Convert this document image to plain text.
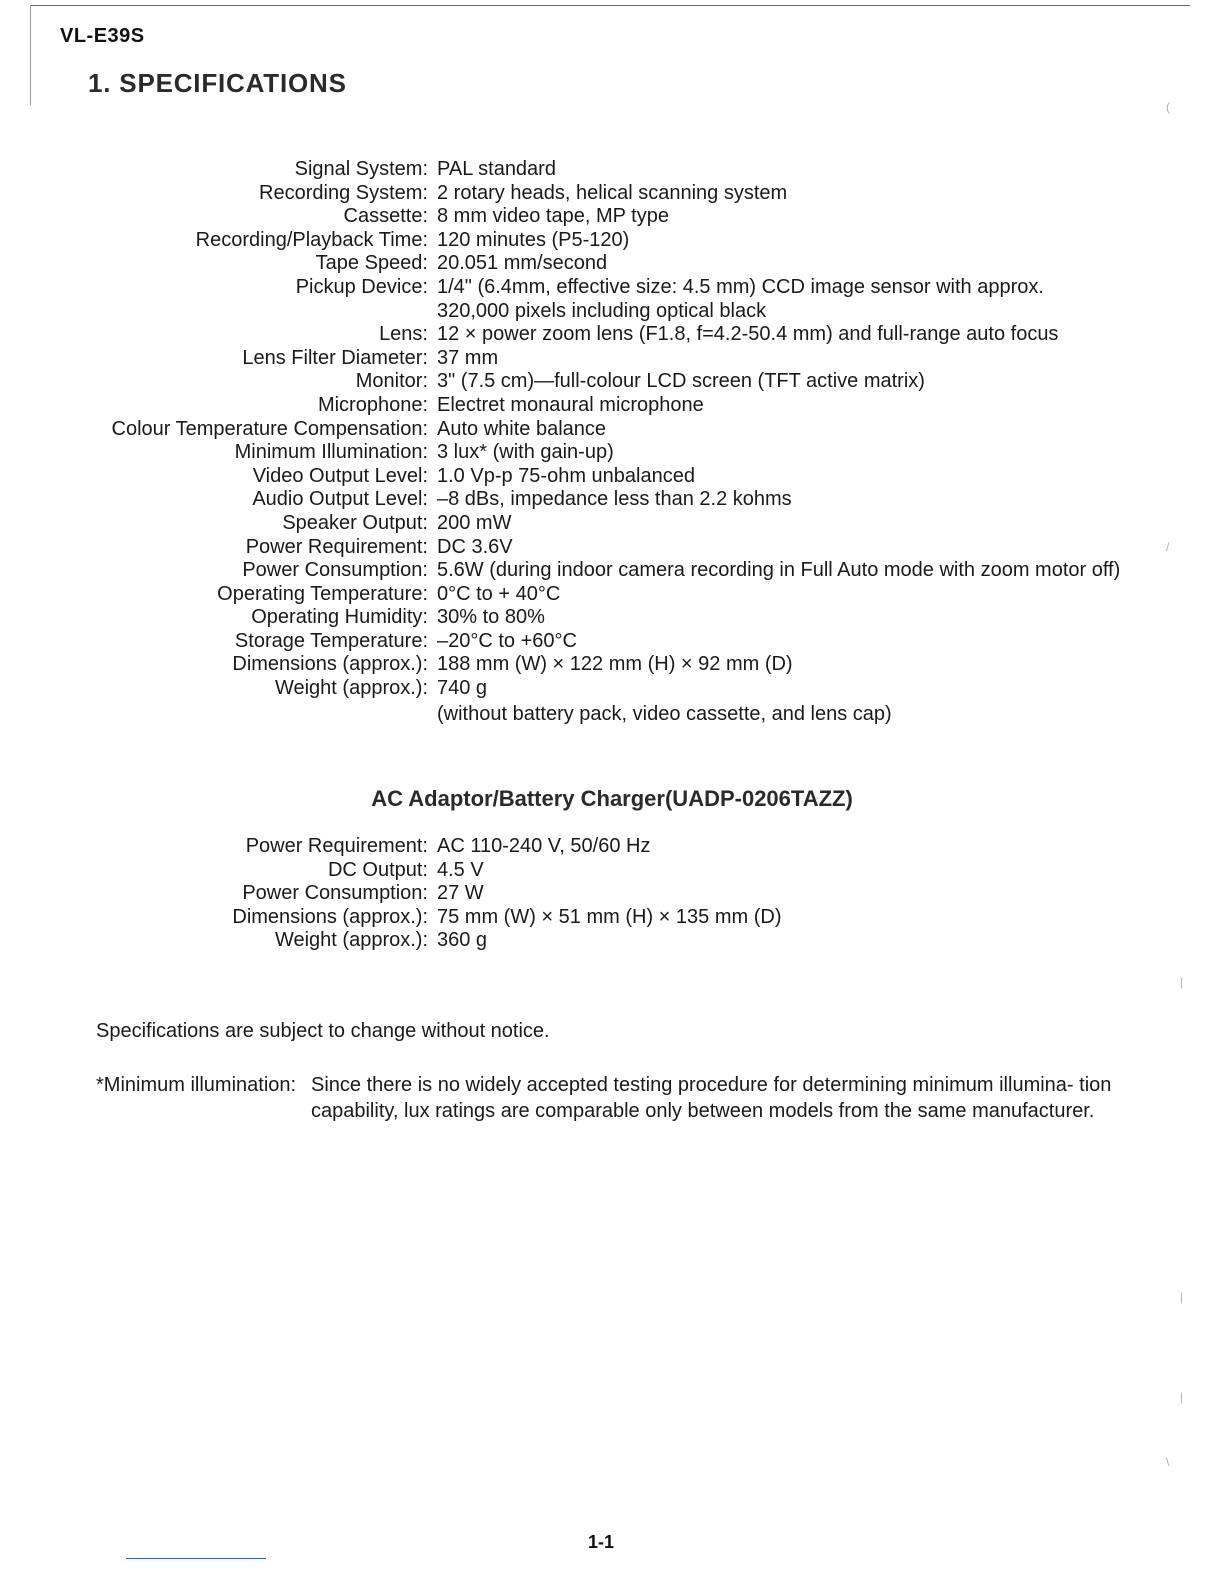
VL-E39S
1. SPECIFICATIONS
Signal System: PAL standard
Recording System: 2 rotary heads, helical scanning system
Cassette: 8 mm video tape, MP type
Recording/Playback Time: 120 minutes (P5-120)
Tape Speed: 20.051 mm/second
Pickup Device: 1/4" (6.4mm, effective size: 4.5 mm) CCD image sensor with approx.
320,000 pixels including optical black
Lens: 12 × power zoom lens (F1.8, f=4.2-50.4 mm) and full-range auto focus
Lens Filter Diameter: 37 mm
Monitor: 3" (7.5 cm)—full-colour LCD screen (TFT active matrix)
Microphone: Electret monaural microphone
Colour Temperature Compensation: Auto white balance
Minimum Illumination: 3 lux* (with gain-up)
Video Output Level: 1.0 Vp-p 75-ohm unbalanced
Audio Output Level: –8 dBs, impedance less than 2.2 kohms
Speaker Output: 200 mW
Power Requirement: DC 3.6V
Power Consumption: 5.6W (during indoor camera recording in Full Auto mode with zoom motor off)
Operating Temperature: 0°C to + 40°C
Operating Humidity: 30% to 80%
Storage Temperature: –20°C to +60°C
Dimensions (approx.): 188 mm (W) × 122 mm (H) × 92 mm (D)
Weight (approx.): 740 g
(without battery pack, video cassette, and lens cap)
AC Adaptor/Battery Charger(UADP-0206TAZZ)
Power Requirement: AC 110-240 V, 50/60 Hz
DC Output: 4.5 V
Power Consumption: 27 W
Dimensions (approx.): 75 mm (W) × 51 mm (H) × 135 mm (D)
Weight (approx.): 360 g
Specifications are subject to change without notice.
*Minimum illumination: Since there is no widely accepted testing procedure for determining minimum illumina- tion capability, lux ratings are comparable only between models from the same manufacturer.
1-1
(
/
|
|
|
\
